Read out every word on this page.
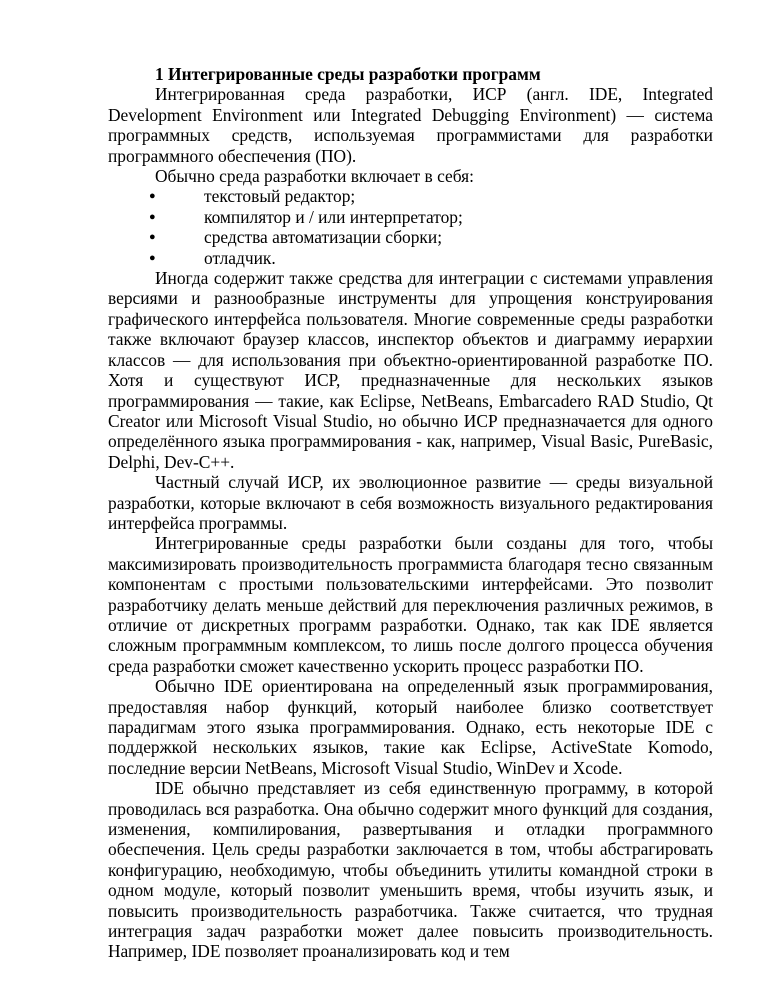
1 Интегрированные среды разработки программ

Интегрированная среда разработки, ИСР (англ. IDE, Integrated Development Environment или Integrated Debugging Environment) — система программных средств, используемая программистами для разработки программного обеспечения (ПО).

Обычно среда разработки включает в себя:

●	текстовый редактор;
●	компилятор и / или интерпретатор;
●	средства автоматизации сборки;
●	отладчик.

Иногда содержит также средства для интеграции с системами управления версиями и разнообразные инструменты для упрощения конструирования графического интерфейса пользователя. Многие современные среды разработки также включают браузер классов, инспектор объектов и диаграмму иерархии классов — для использования при объектно-ориентированной разработке ПО. Хотя и существуют ИСР, предназначенные для нескольких языков программирования — такие, как Eclipse, NetBeans, Embarcadero RAD Studio, Qt Creator или Microsoft Visual Studio, но обычно ИСР предназначается для одного определённого языка программирования - как, например, Visual Basic, PureBasic, Delphi, Dev-C++.

Частный случай ИСР, их эволюционное развитие — среды визуальной разработки, которые включают в себя возможность визуального редактирования интерфейса программы.

Интегрированные среды разработки были созданы для того, чтобы максимизировать производительность программиста благодаря тесно связанным компонентам с простыми пользовательскими интерфейсами. Это позволит разработчику делать меньше действий для переключения различных режимов, в отличие от дискретных программ разработки. Однако, так как IDE является сложным программным комплексом, то лишь после долгого процесса обучения среда разработки сможет качественно ускорить процесс разработки ПО.

Обычно IDE ориентирована на определенный язык программирования, предоставляя набор функций, который наиболее близко соответствует парадигмам этого языка программирования. Однако, есть некоторые IDE с поддержкой нескольких языков, такие как Eclipse, ActiveState Komodo, последние версии NetBeans, Microsoft Visual Studio, WinDev и Xcode.

IDE обычно представляет из себя единственную программу, в которой проводилась вся разработка. Она обычно содержит много функций для создания, изменения, компилирования, развертывания и отладки программного обеспечения. Цель среды разработки заключается в том, чтобы абстрагировать конфигурацию, необходимую, чтобы объединить утилиты командной строки в одном модуле, который позволит уменьшить время, чтобы изучить язык, и повысить производительность разработчика. Также считается, что трудная интеграция задач разработки может далее повысить производительность. Например, IDE позволяет проанализировать код и тем
